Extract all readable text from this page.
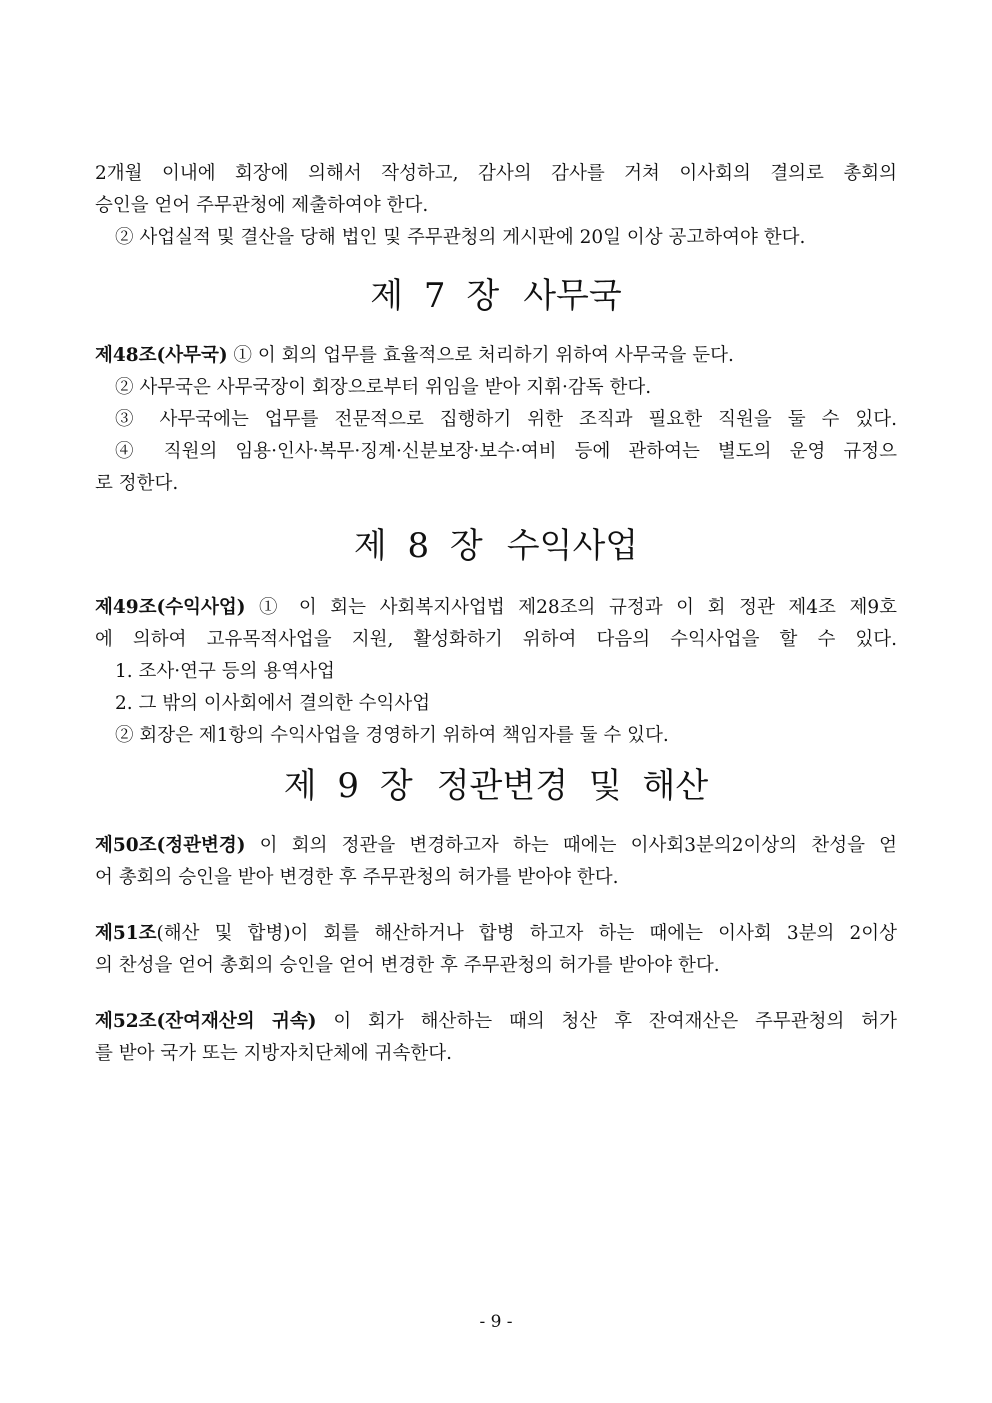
2개월 이내에 회장에 의해서 작성하고, 감사의 감사를 거쳐 이사회의 결의로 총회의
승인을 얻어 주무관청에 제출하여야 한다.
② 사업실적 및 결산을 당해 법인 및 주무관청의 게시판에 20일 이상 공고하여야 한다.
제 7 장 사무국
제48조(사무국) ① 이 회의 업무를 효율적으로 처리하기 위하여 사무국을 둔다.
② 사무국은 사무국장이 회장으로부터 위임을 받아 지휘·감독 한다.
③ 사무국에는 업무를 전문적으로 집행하기 위한 조직과 필요한 직원을 둘 수 있다.
④ 직원의 임용·인사·복무·징계·신분보장·보수·여비 등에 관하여는 별도의 운영 규정으
로 정한다.
제 8 장 수익사업
제49조(수익사업) ① 이 회는 사회복지사업법 제28조의 규정과 이 회 정관 제4조 제9호
에 의하여 고유목적사업을 지원, 활성화하기 위하여 다음의 수익사업을 할 수 있다.
1. 조사·연구 등의 용역사업
2. 그 밖의 이사회에서 결의한 수익사업
② 회장은 제1항의 수익사업을 경영하기 위하여 책임자를 둘 수 있다.
제 9 장 정관변경 및 해산
제50조(정관변경) 이 회의 정관을 변경하고자 하는 때에는 이사회3분의2이상의 찬성을 얻
어 총회의 승인을 받아 변경한 후 주무관청의 허가를 받아야 한다.
제51조(해산 및 합병)이 회를 해산하거나 합병 하고자 하는 때에는 이사회 3분의 2이상
의 찬성을 얻어 총회의 승인을 얻어 변경한 후 주무관청의 허가를 받아야 한다.
제52조(잔여재산의 귀속) 이 회가 해산하는 때의 청산 후 잔여재산은 주무관청의 허가
를 받아 국가 또는 지방자치단체에 귀속한다.
- 9 -
